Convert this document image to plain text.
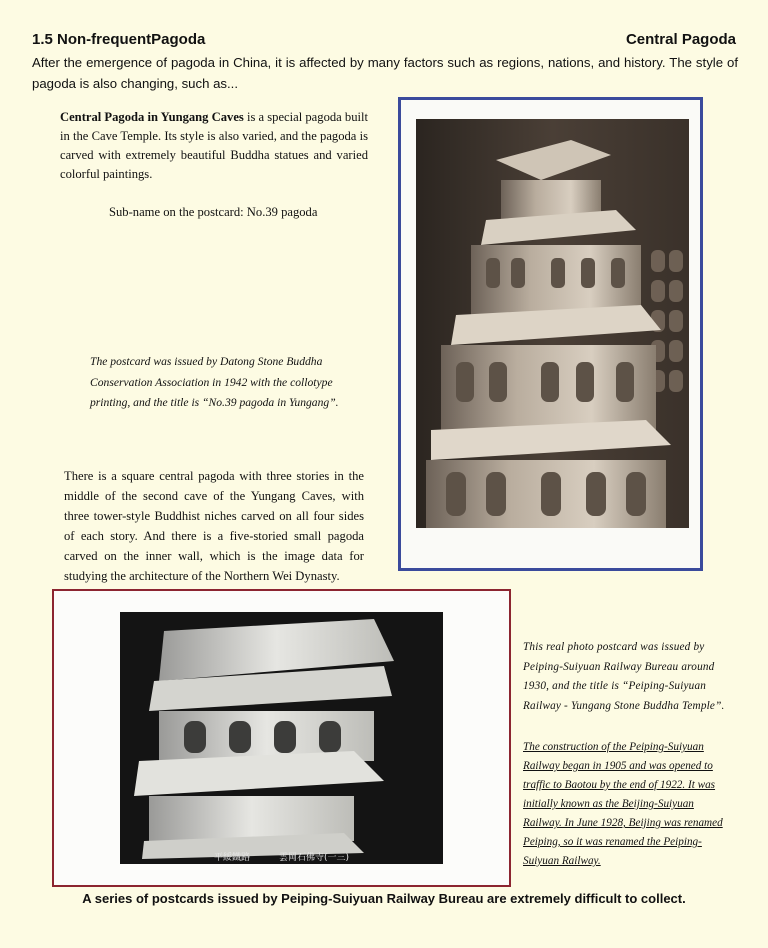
1.5 Non-frequentPagoda	Central Pagoda
After the emergence of pagoda in China, it is affected by many factors such as regions, nations, and history. The style of pagoda is also changing, such as...
Central Pagoda in Yungang Caves is a special pagoda built in the Cave Temple. Its style is also varied, and the pagoda is carved with extremely beautiful Buddha statues and varied colorful paintings.
Sub-name on the postcard: No.39 pagoda
The postcard was issued by Datong Stone Buddha Conservation Association in 1942 with the collotype printing, and the title is “No.39 pagoda in Yungang”.
There is a square central pagoda with three stories in the middle of the second cave of the Yungang Caves, with three tower-style Buddhist niches carved on all four sides of each story. And there is a five-storied small pagoda carved on the inner wall, which is the image data for studying the architecture of the Northern Wei Dynasty.
平綏鐵路	雲岡石佛寺(一三)
This real photo postcard was issued by Peiping-Suiyuan Railway Bureau around 1930, and the title is “Peiping-Suiyuan Railway - Yungang Stone Buddha Temple”.
The construction of the Peiping-Suiyuan Railway began in 1905 and was opened to traffic to Baotou by the end of 1922. It was initially known as the Beijing-Suiyuan Railway. In June 1928, Beijing was renamed Peiping, so it was renamed the Peiping-Suiyuan Railway.
A series of postcards issued by Peiping-Suiyuan Railway Bureau are extremely difficult to collect.
